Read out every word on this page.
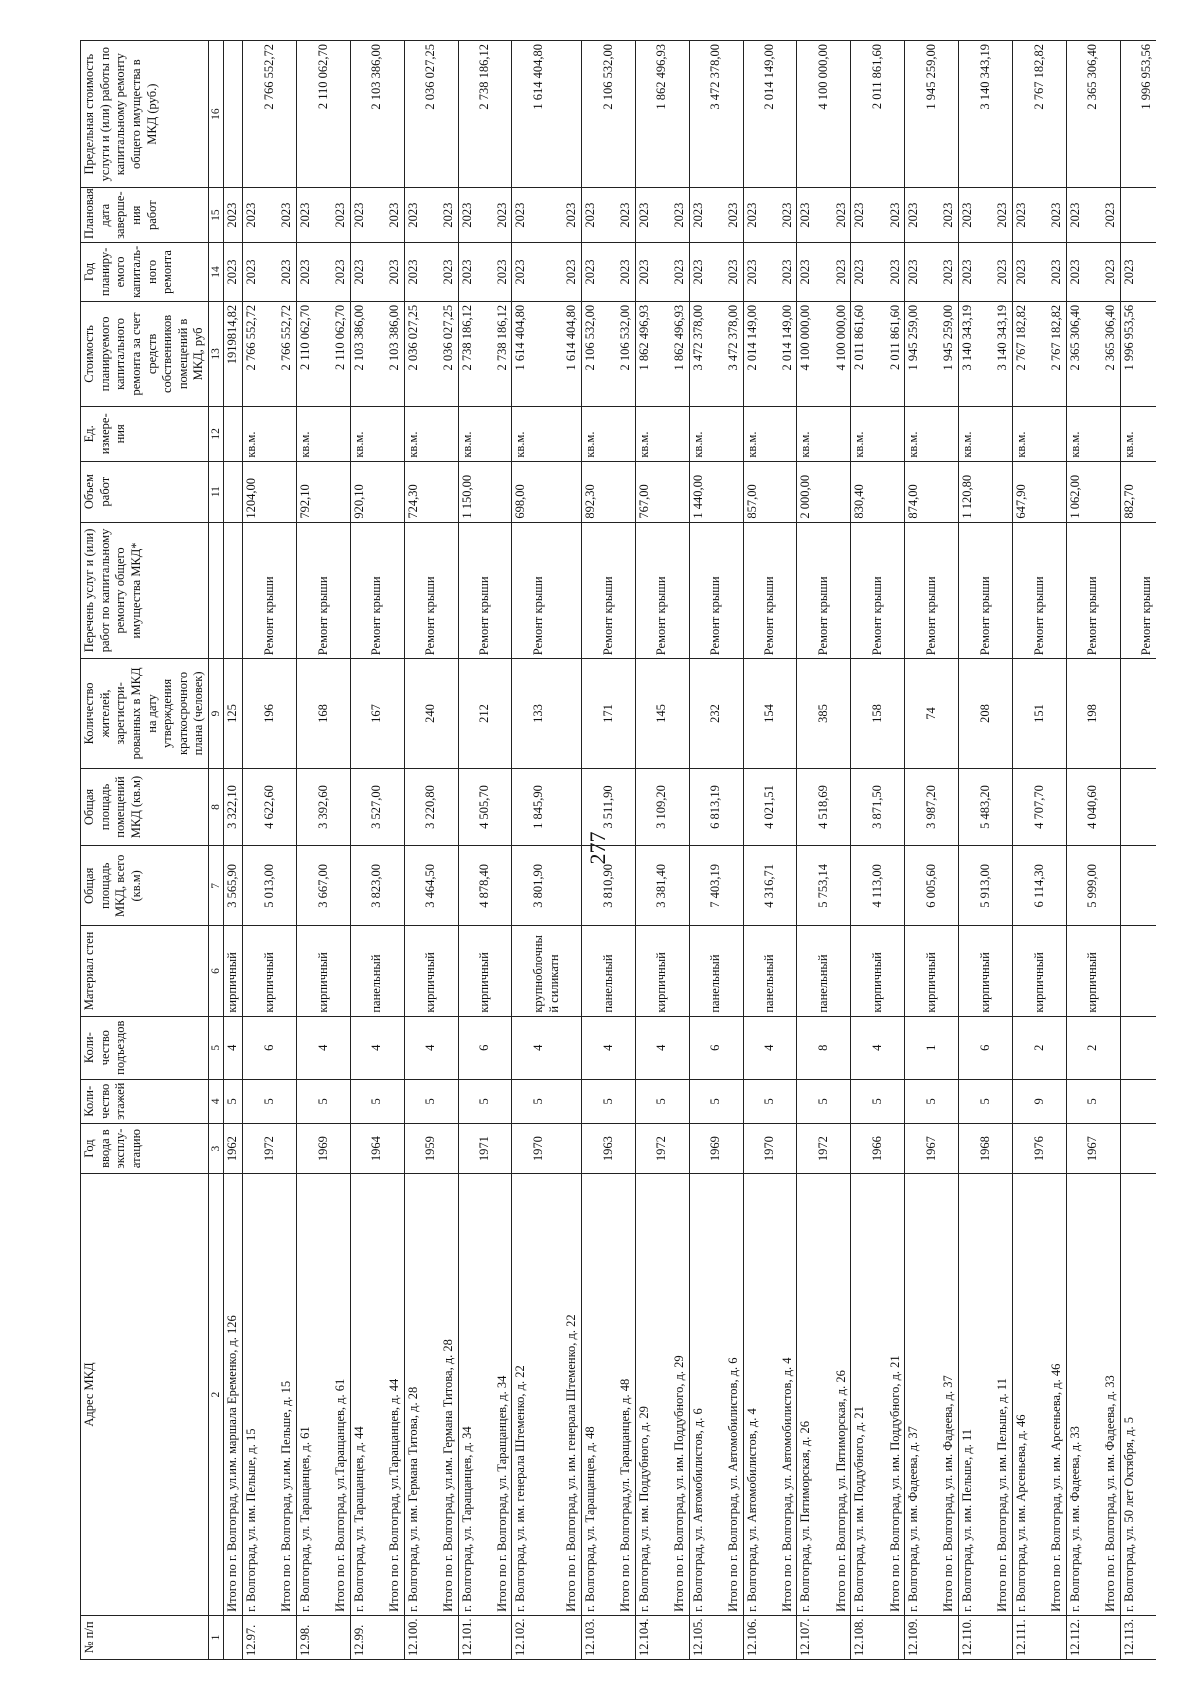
277
№ п/п	Адрес МКД	Год ввода в эксплу-атацию	Коли-чество этажей	Коли-чество подъездов	Материал стен	Общая площадь МКД, всего (кв.м)	Общая площадь помещений МКД (кв.м)	Количество жителей, зарегистри-рованных в МКД на дату утверждения краткосрочного плана (человек)	Перечень услуг и (или) работ по капитальному ремонту общего имущества МКД*	Объем работ	Ед. измере-ния	Стоимость планируемого капитального ремонта за счет средств собственников помещений в МКД, руб	Год планиру-емого капиталь-ного ремонта	Плановая дата заверше-ния работ	Предельная стоимость услуги и (или) работы по капитальному ремонту общего имущества в МКД (руб.)
1	2	3	4	5	6	7	8	9		11	12	13	14	15	16
	Итого по г. Волгоград, ул.им. маршала Еременко, д. 126	1962	5	4	кирпичный	3 565,90	3 322,10	125				1919814,82	2023	2023	
12.97.	г. Волгоград, ул. им. Пельше, д. 15									1204,00	кв.м.	2 766 552,72	2023	2023	
		1972	5	6	кирпичный	5 013,00	4 622,60	196	Ремонт крыши						2 766 552,72
	Итого по г. Волгоград, ул.им. Пельше, д. 15											2 766 552,72	2023	2023	
12.98.	г. Волгоград, ул. Таращанцев, д. 61									792,10	кв.м.	2 110 062,70	2023	2023	
		1969	5	4	кирпичный	3 667,00	3 392,60	168	Ремонт крыши						2 110 062,70
	Итого по г. Волгоград, ул.Таращанцев, д. 61											2 110 062,70	2023	2023	
12.99.	г. Волгоград, ул. Таращанцев, д. 44									920,10	кв.м.	2 103 386,00	2023	2023	
		1964	5	4	панельный	3 823,00	3 527,00	167	Ремонт крыши						2 103 386,00
	Итого по г. Волгоград, ул.Таращанцев, д. 44											2 103 386,00	2023	2023	
12.100.	г. Волгоград, ул. им. Германа Титова, д. 28									724,30	кв.м.	2 036 027,25	2023	2023	
		1959	5	4	кирпичный	3 464,50	3 220,80	240	Ремонт крыши						2 036 027,25
	Итого по г. Волгоград, ул.им. Германа Титова, д. 28											2 036 027,25	2023	2023	
12.101.	г. Волгоград, ул. Таращанцев, д. 34									1 150,00	кв.м.	2 738 186,12	2023	2023	
		1971	5	6	кирпичный	4 878,40	4 505,70	212	Ремонт крыши						2 738 186,12
	Итого по г. Волгоград, ул. Таращанцев, д. 34											2 738 186,12	2023	2023	
12.102.	г. Волгоград, ул. им. генерала Штеменко, д. 22									698,00	кв.м.	1 614 404,80	2023	2023	
		1970	5	4	крупноблочны й силикатн	3 801,90	1 845,90	133	Ремонт крыши						1 614 404,80
	Итого по г. Волгоград, ул. им. генерала Штеменко, д. 22											1 614 404,80	2023	2023	
12.103.	г. Волгоград, ул. Таращанцев, д. 48									892,30	кв.м.	2 106 532,00	2023	2023	
		1963	5	4	панельный	3 810,90	3 511,90	171	Ремонт крыши						2 106 532,00
	Итого по г. Волгоград,ул. Таращанцев, д. 48											2 106 532,00	2023	2023	
12.104.	г. Волгоград, ул. им. Поддубного, д. 29									767,00	кв.м.	1 862 496,93	2023	2023	
		1972	5	4	кирпичный	3 381,40	3 109,20	145	Ремонт крыши						1 862 496,93
	Итого по г. Волгоград, ул. им. Поддубного, д. 29											1 862 496,93	2023	2023	
12.105.	г. Волгоград, ул. Автомобилистов, д. 6									1 440,00	кв.м.	3 472 378,00	2023	2023	
		1969	5	6	панельный	7 403,19	6 813,19	232	Ремонт крыши						3 472 378,00
	Итого по г. Волгоград, ул. Автомобилистов, д. 6											3 472 378,00	2023	2023	
12.106.	г. Волгоград, ул. Автомобилистов, д. 4									857,00	кв.м.	2 014 149,00	2023	2023	
		1970	5	4	панельный	4 316,71	4 021,51	154	Ремонт крыши						2 014 149,00
	Итого по г. Волгоград, ул. Автомобилистов, д. 4											2 014 149,00	2023	2023	
12.107.	г. Волгоград, ул. Пятиморская, д. 26									2 000,00	кв.м.	4 100 000,00	2023	2023	
		1972	5	8	панельный	5 753,14	4 518,69	385	Ремонт крыши						4 100 000,00
	Итого по г. Волгоград, ул. Пятиморская, д. 26											4 100 000,00	2023	2023	
12.108.	г. Волгоград, ул. им. Поддубного, д. 21									830,40	кв.м.	2 011 861,60	2023	2023	
		1966	5	4	кирпичный	4 113,00	3 871,50	158	Ремонт крыши						2 011 861,60
	Итого по г. Волгоград, ул. им. Поддубного, д. 21											2 011 861,60	2023	2023	
12.109.	г. Волгоград, ул. им. Фадеева, д. 37									874,00	кв.м.	1 945 259,00	2023	2023	
		1967	5	1	кирпичный	6 005,60	3 987,20	74	Ремонт крыши						1 945 259,00
	Итого по г. Волгоград, ул. им. Фадеева, д. 37											1 945 259,00	2023	2023	
12.110.	г. Волгоград, ул. им. Пельше, д. 11									1 120,80	кв.м.	3 140 343,19	2023	2023	
		1968	5	6	кирпичный	5 913,00	5 483,20	208	Ремонт крыши						3 140 343,19
	Итого по г. Волгоград, ул. им. Пельше, д. 11											3 140 343,19	2023	2023	
12.111.	г. Волгоград, ул. им. Арсеньева, д. 46									647,90	кв.м.	2 767 182,82	2023	2023	
		1976	9	2	кирпичный	6 114,30	4 707,70	151	Ремонт крыши						2 767 182,82
	Итого по г. Волгоград, ул. им. Арсеньева, д. 46											2 767 182,82	2023	2023	
12.112.	г. Волгоград, ул. им. Фадеева, д. 33									1 062,00	кв.м.	2 365 306,40	2023	2023	
		1967	5	2	кирпичный	5 999,00	4 040,60	198	Ремонт крыши						2 365 306,40
	Итого по г. Волгоград, ул. им. Фадеева, д. 33											2 365 306,40	2023	2023	
12.113.	г. Волгоград, ул. 50 лет Октября, д. 5									882,70	кв.м.	1 996 953,56	2023		
									Ремонт крыши						1 996 953,56
